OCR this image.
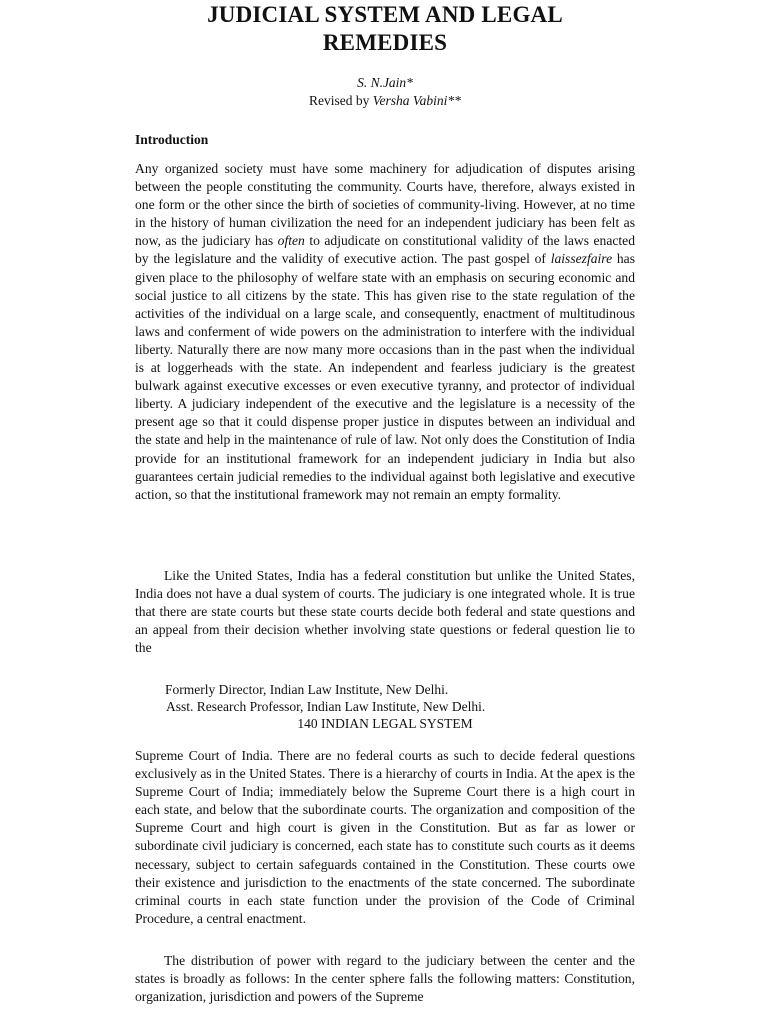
JUDICIAL SYSTEM AND LEGAL
REMEDIES
S. N.Jain*
Revised by Versha Vabini**
Introduction

Any organized society must have some machinery for adjudication of disputes arising between the people constituting the community. Courts have, therefore, always existed in one form or the other since the birth of societies of community-living. However, at no time in the history of human civilization the need for an independent judiciary has been felt as now, as the judiciary has often to adjudicate on constitutional validity of the laws enacted by the legislature and the validity of executive action. The past gospel of laissezfaire has given place to the philosophy of welfare state with an emphasis on securing economic and social justice to all citizens by the state. This has given rise to the state regulation of the activities of the individual on a large scale, and consequently, enactment of multitudinous laws and conferment of wide powers on the administration to interfere with the individual liberty. Naturally there are now many more occasions than in the past when the individual is at loggerheads with the state. An independent and fearless judiciary is the greatest bulwark against executive excesses or even executive tyranny, and protector of individual liberty. A judiciary independent of the executive and the legislature is a necessity of the present age so that it could dispense proper justice in disputes between an individual and the state and help in the maintenance of rule of law. Not only does the Constitution of India provide for an institutional framework for an independent judiciary in India but also guarantees certain judicial remedies to the individual against both legislative and executive action, so that the institutional framework may not remain an empty formality.

Like the United States, India has a federal constitution but unlike the United States, India does not have a dual system of courts. The judiciary is one integrated whole. It is true that there are state courts but these state courts decide both federal and state questions and an appeal from their decision whether involving state questions or federal question lie to the

Formerly Director, Indian Law Institute, New Delhi.
Asst. Research Professor, Indian Law Institute, New Delhi.
140 INDIAN LEGAL SYSTEM

Supreme Court of India. There are no federal courts as such to decide federal questions exclusively as in the United States. There is a hierarchy of courts in India. At the apex is the Supreme Court of India; immediately below the Supreme Court there is a high court in each state, and below that the subordinate courts. The organization and composition of the Supreme Court and high court is given in the Constitution. But as far as lower or subordinate civil judiciary is concerned, each state has to constitute such courts as it deems necessary, subject to certain safeguards contained in the Constitution. These courts owe their existence and jurisdiction to the enactments of the state concerned. The subordinate criminal courts in each state function under the provision of the Code of Criminal Procedure, a central enactment.

The distribution of power with regard to the judiciary between the center and the states is broadly as follows: In the center sphere falls the following matters: Constitution, organization, jurisdiction and powers of the Supreme
